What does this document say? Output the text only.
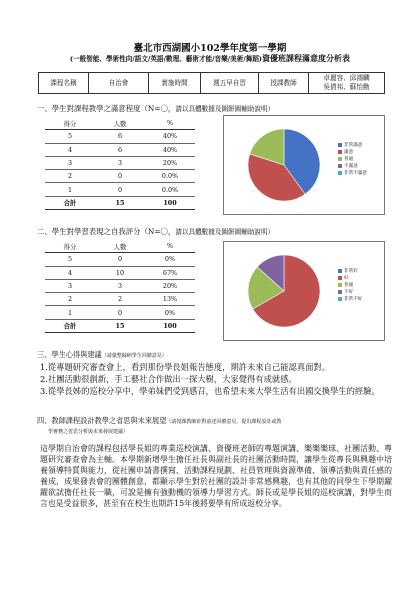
臺北市西湖國小102學年度第一學期
(一般智能、學術性向/語文/英語/數理、藝術才能/音樂/美術/舞蹈)資優班課程滿意度分析表
課程名稱	自治會	實施時間	週五早自習	授課教師	
卓麗容、邱鴻麟
吳倩邦、蘇怡勳
一、學生對課程教學之滿意程度（N=〇，請以具體數據及圖餅圖輔助說明）
得分	人數	%
5	6	40%
4	6	40%
3	3	20%
2	0	0.0%
1	0	0.0%
合計	15	100
非常滿意
滿意
普通
不滿意
非常不滿意
二、學生對學習表現之自我評分（N=〇，請以具體數據及圖餅圖輔助說明）
得分	人數	%
5	0	0%
4	10	67%
3	3	20%
2	2	13%
1	0	0%
合計	15	100
非常好
好
普通
不好
非常不好
三、學生心得與建議（請彙整歸納學生回饋意見）
1.從專題研究審查會上，看到那份學長姐報告態度，期許未來自己能認真面對。
2.社團活動很創新，手工藝社合作做出一探大樹，大家覺得有成就感。
3.從學長姊的巡校分享中，學弟妹們受到感召，也希望未來大學生活有出國交換學生的經驗。
四、教師課程設計教學之省思與未來展望（請授課教師針對前述回饋意見，提出課程設計或教
學實務之省思分析與未來發展建議）
這學期自治會的課程包括學長姐的專業巡校演講、資優班老師的專題演講、樂樂樂球、社團活動、專題研究審查會為主軸。本學期新增學生擔任社長與副社長的社團活動時間，讓學生從專長與興趣中培養領導特質與能力，從社團申請書撰寫、活動課程規劃、社員管理與資源準備、領導活動與責任感的養成，成果發表會的團體創意，都顯示學生對於社團的設計非常感興趣，也有其他的同學生下學期躍躍欲試擔任社長一職，可說是擁有強動機的領導力學習方式。師長或是學長姐的巡校演講，對學生而言也是受益很多，甚至有在校生也期許15年後將要學有所成返校分享。
